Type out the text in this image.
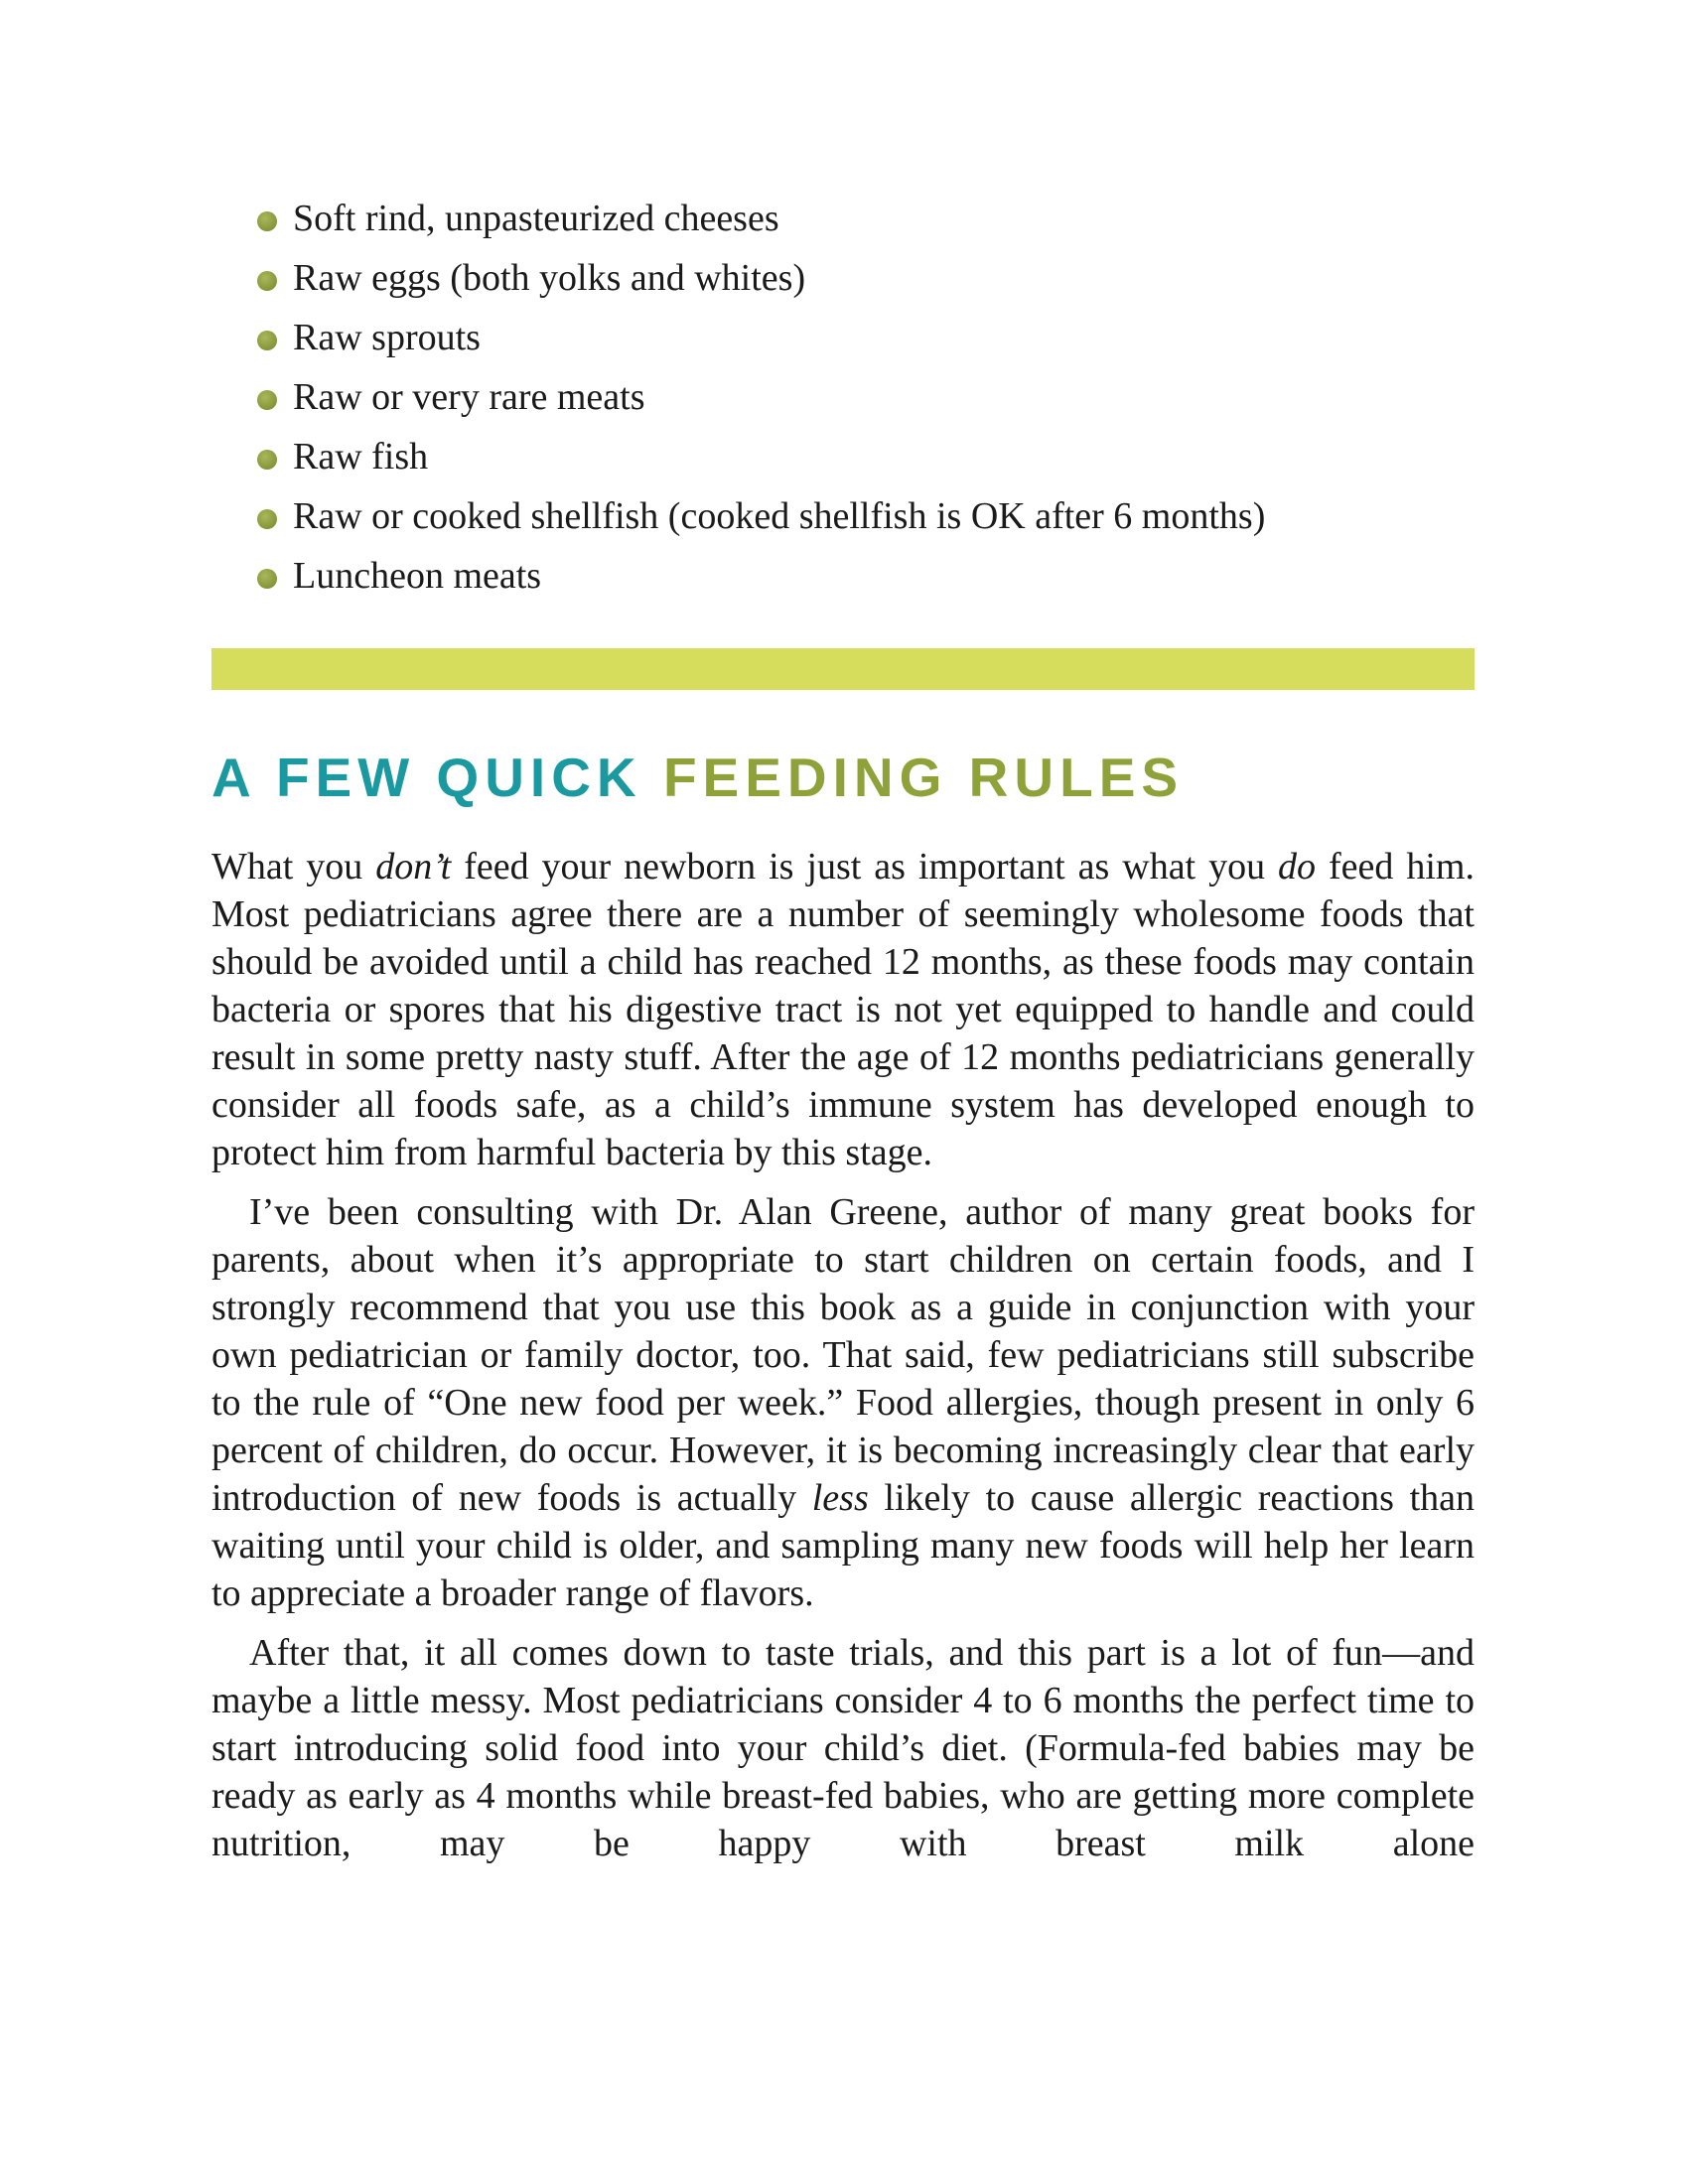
Soft rind, unpasteurized cheeses
Raw eggs (both yolks and whites)
Raw sprouts
Raw or very rare meats
Raw fish
Raw or cooked shellfish (cooked shellfish is OK after 6 months)
Luncheon meats
A FEW QUICK FEEDING RULES

What you don’t feed your newborn is just as important as what you do feed him. Most pediatricians agree there are a number of seemingly wholesome foods that should be avoided until a child has reached 12 months, as these foods may contain bacteria or spores that his digestive tract is not yet equipped to handle and could result in some pretty nasty stuff. After the age of 12 months pediatricians generally consider all foods safe, as a child’s immune system has developed enough to protect him from harmful bacteria by this stage.

I’ve been consulting with Dr. Alan Greene, author of many great books for parents, about when it’s appropriate to start children on certain foods, and I strongly recommend that you use this book as a guide in conjunction with your own pediatrician or family doctor, too. That said, few pediatricians still subscribe to the rule of “One new food per week.” Food allergies, though present in only 6 percent of children, do occur. However, it is becoming increasingly clear that early introduction of new foods is actually less likely to cause allergic reactions than waiting until your child is older, and sampling many new foods will help her learn to appreciate a broader range of flavors.

After that, it all comes down to taste trials, and this part is a lot of fun—and maybe a little messy. Most pediatricians consider 4 to 6 months the perfect time to start introducing solid food into your child’s diet. (Formula-fed babies may be ready as early as 4 months while breast-fed babies, who are getting more complete nutrition, may be happy with breast milk alone
